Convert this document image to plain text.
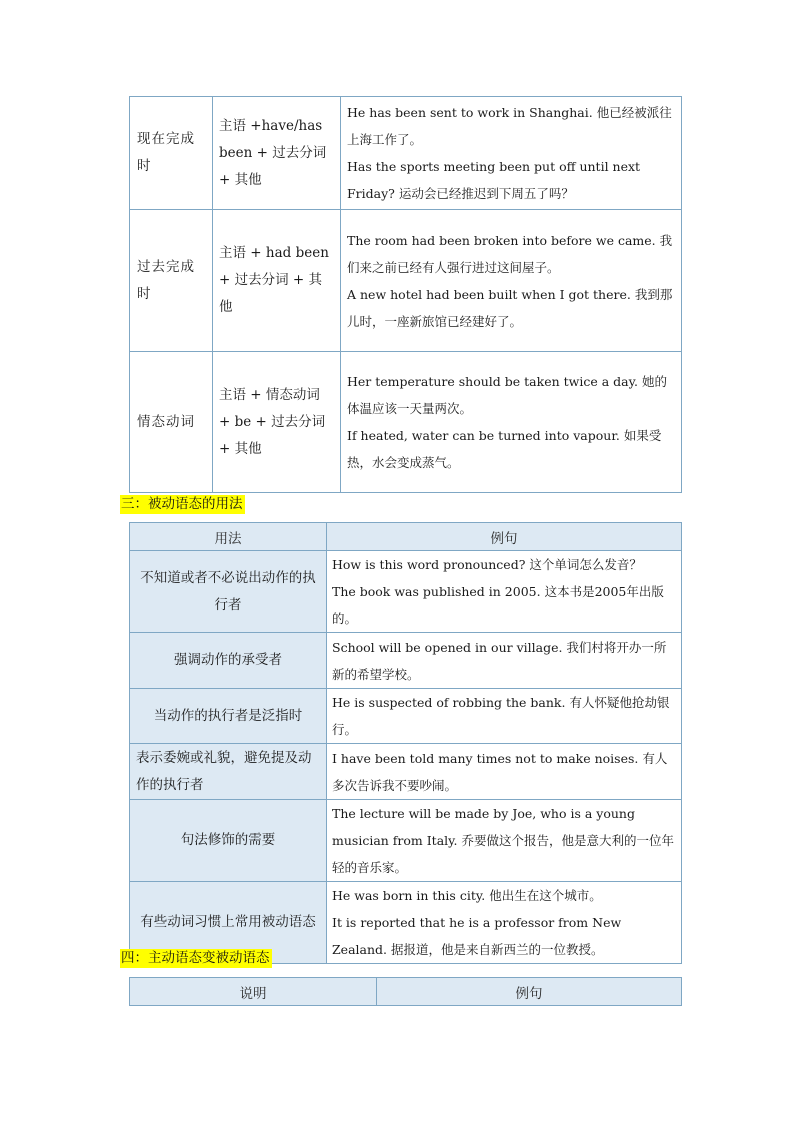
现在完成时	主语 +have/has been + 过去分词 + 其他	He has been sent to work in Shanghai. 他已经被派往上海工作了。
Has the sports meeting been put off until next Friday? 运动会已经推迟到下周五了吗？

过去完成时	主语 + had been + 过去分词 + 其他	The room had been broken into before we came. 我们来之前已经有人强行进过这间屋子。
A new hotel had been built when I got there. 我到那儿时，一座新旅馆已经建好了。

情态动词	主语 + 情态动词 + be + 过去分词 + 其他	Her temperature should be taken twice a day. 她的体温应该一天量两次。
If heated, water can be turned into vapour. 如果受热，水会变成蒸气。
三：被动语态的用法
用法	例句
不知道或者不必说出动作的执行者	How is this word pronounced? 这个单词怎么发音？
The book was published in 2005. 这本书是2005年出版的。

强调动作的承受者	School will be opened in our village. 我们村将开办一所新的希望学校。

当动作的执行者是泛指时	He is suspected of robbing the bank. 有人怀疑他抢劫银行。

表示委婉或礼貌，避免提及动作的执行者	I have been told many times not to make noises. 有人多次告诉我不要吵闹。

句法修饰的需要	The lecture will be made by Joe, who is a young musician from Italy. 乔要做这个报告，他是意大利的一位年轻的音乐家。

有些动词习惯上常用被动语态	He was born in this city. 他出生在这个城市。
It is reported that he is a professor from New Zealand. 据报道，他是来自新西兰的一位教授。
四：主动语态变被动语态
说明	例句
